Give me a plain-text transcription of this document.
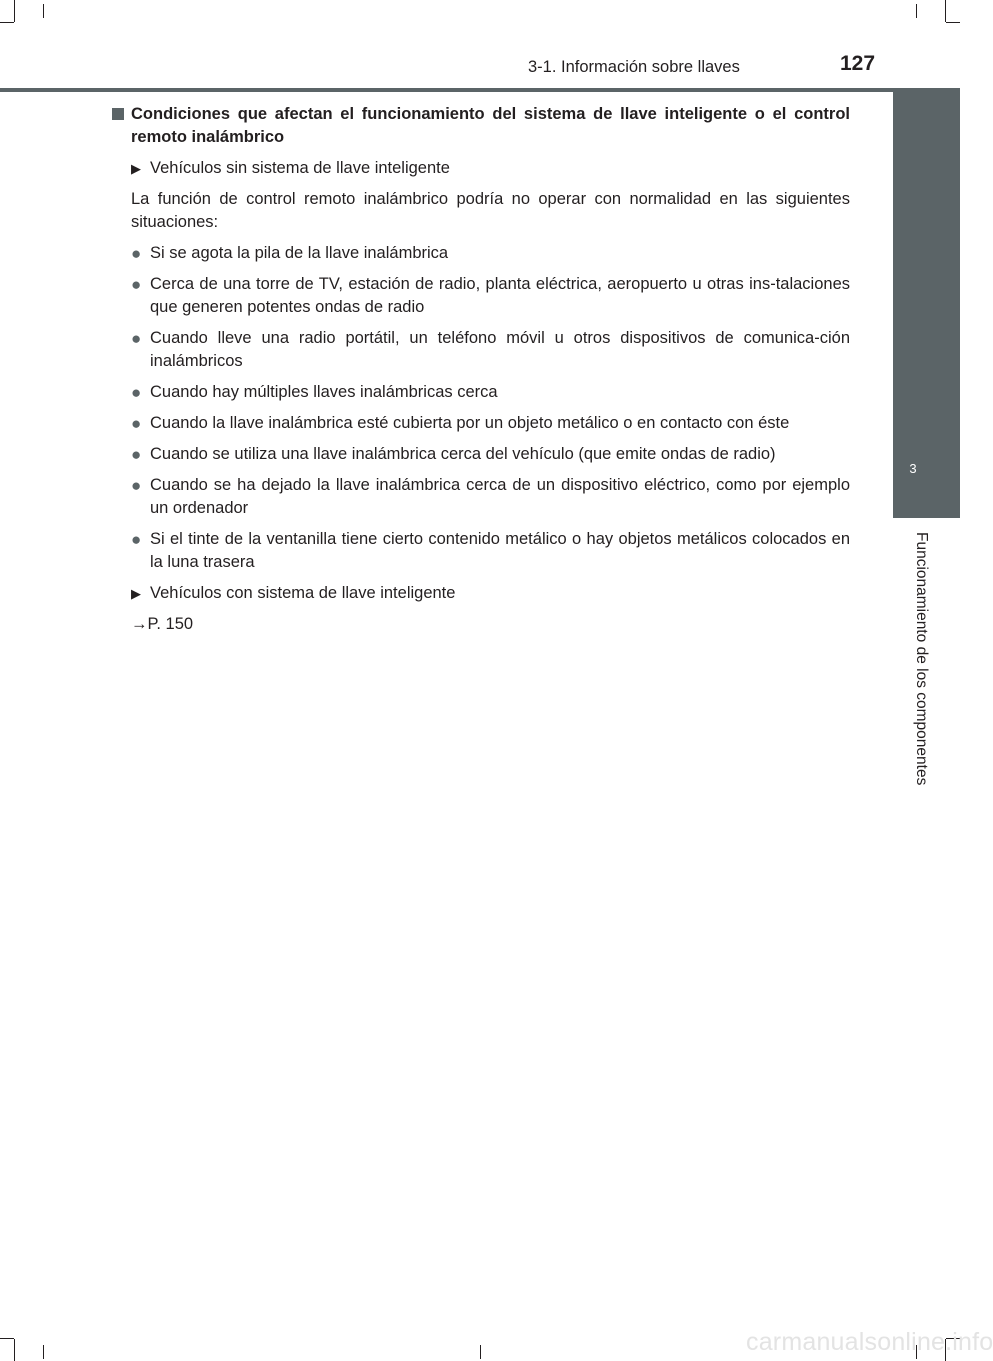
3-1. Información sobre llaves	127
3
Funcionamiento de los componentes
Condiciones que afectan el funcionamiento del sistema de llave inteligente o el control remoto inalámbrico
▶ Vehículos sin sistema de llave inteligente
La función de control remoto inalámbrico podría no operar con normalidad en las siguientes situaciones:
● Si se agota la pila de la llave inalámbrica
● Cerca de una torre de TV, estación de radio, planta eléctrica, aeropuerto u otras ins-talaciones que generen potentes ondas de radio
● Cuando lleve una radio portátil, un teléfono móvil u otros dispositivos de comunica-ción inalámbricos
● Cuando hay múltiples llaves inalámbricas cerca
● Cuando la llave inalámbrica esté cubierta por un objeto metálico o en contacto con éste
● Cuando se utiliza una llave inalámbrica cerca del vehículo (que emite ondas de radio)
● Cuando se ha dejado la llave inalámbrica cerca de un dispositivo eléctrico, como por ejemplo un ordenador
● Si el tinte de la ventanilla tiene cierto contenido metálico o hay objetos metálicos colocados en la luna trasera
▶ Vehículos con sistema de llave inteligente
→P. 150
carmanualsonline.info
